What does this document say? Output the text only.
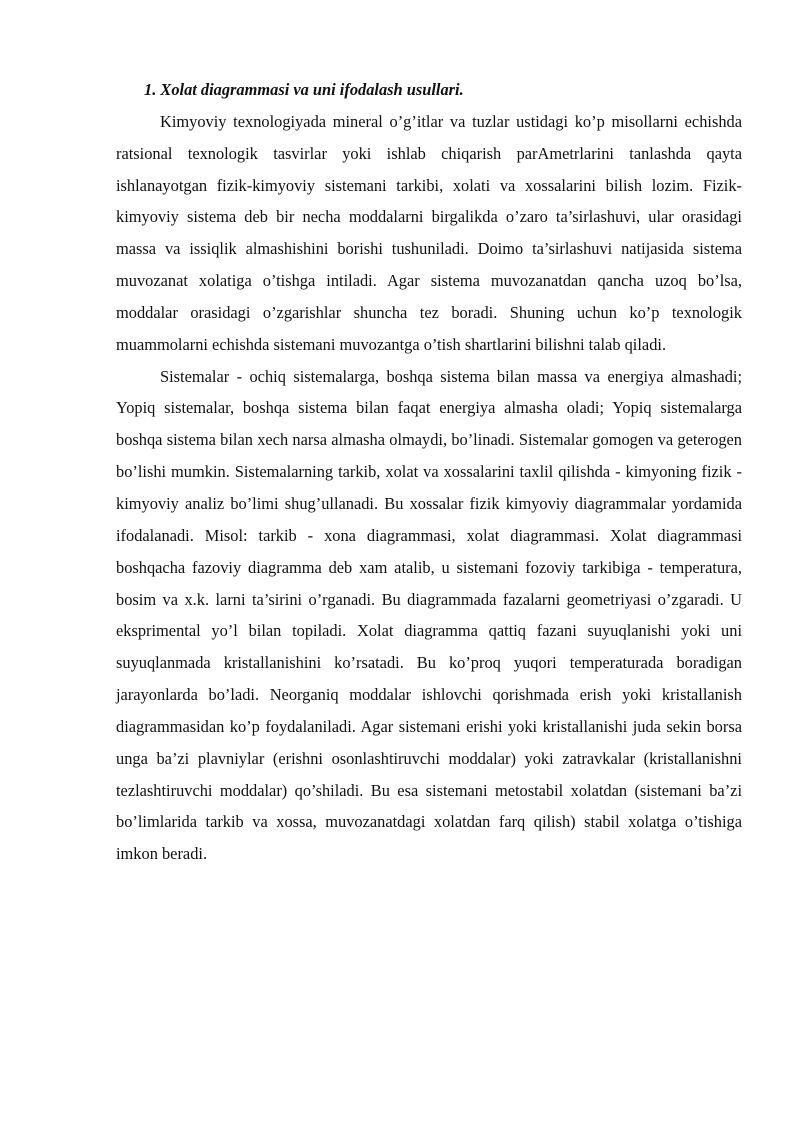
1. Xolat diagrammasi va uni ifodalash usullari.

Kimyoviy texnologiyada mineral o’g’itlar va tuzlar ustidagi ko’p misollarni echishda ratsional texnologik tasvirlar yoki ishlab chiqarish parAmetrlarini tanlashda qayta ishlanayotgan fizik-kimyoviy sistemani tarkibi, xolati va xossalarini bilish lozim. Fizik-kimyoviy sistema deb bir necha moddalarni birgalikda o’zaro ta’sirlashuvi, ular orasidagi massa va issiqlik almashishini borishi tushuniladi. Doimo ta’sirlashuvi natijasida sistema muvozanat xolatiga o’tishga intiladi. Agar sistema muvozanatdan qancha uzoq bo’lsa, moddalar orasidagi o’zgarishlar shuncha tez boradi. Shuning uchun ko’p texnologik muammolarni echishda sistemani muvozantga o’tish shartlarini bilishni talab qiladi.

Sistemalar - ochiq sistemalarga, boshqa sistema bilan massa va energiya almashadi; Yopiq sistemalar, boshqa sistema bilan faqat energiya almasha oladi; Yopiq sistemalarga boshqa sistema bilan xech narsa almasha olmaydi, bo’linadi. Sistemalar gomogen va geterogen bo’lishi mumkin. Sistemalarning tarkib, xolat va xossalarini taxlil qilishda - kimyoning fizik - kimyoviy analiz bo’limi shug’ullanadi. Bu xossalar fizik kimyoviy diagrammalar yordamida ifodalanadi. Misol: tarkib - xona diagrammasi, xolat diagrammasi. Xolat diagrammasi boshqacha fazoviy diagramma deb xam atalib, u sistemani fozoviy tarkibiga - temperatura, bosim va x.k. larni ta’sirini o’rganadi. Bu diagrammada fazalarni geometriyasi o’zgaradi. U eksprimental yo’l bilan topiladi. Xolat diagramma qattiq fazani suyuqlanishi yoki uni suyuqlanmada kristallanishini ko’rsatadi. Bu ko’proq yuqori temperaturada boradigan jarayonlarda bo’ladi. Neorganiq moddalar ishlovchi qorishmada erish yoki kristallanish diagrammasidan ko’p foydalaniladi. Agar sistemani erishi yoki kristallanishi juda sekin borsa unga ba’zi plavniylar (erishni osonlashtiruvchi moddalar) yoki zatravkalar (kristallanishni tezlashtiruvchi moddalar) qo’shiladi. Bu esa sistemani metostabil xolatdan (sistemani ba’zi bo’limlarida tarkib va xossa, muvozanatdagi xolatdan farq qilish) stabil xolatga o’tishiga imkon beradi.
